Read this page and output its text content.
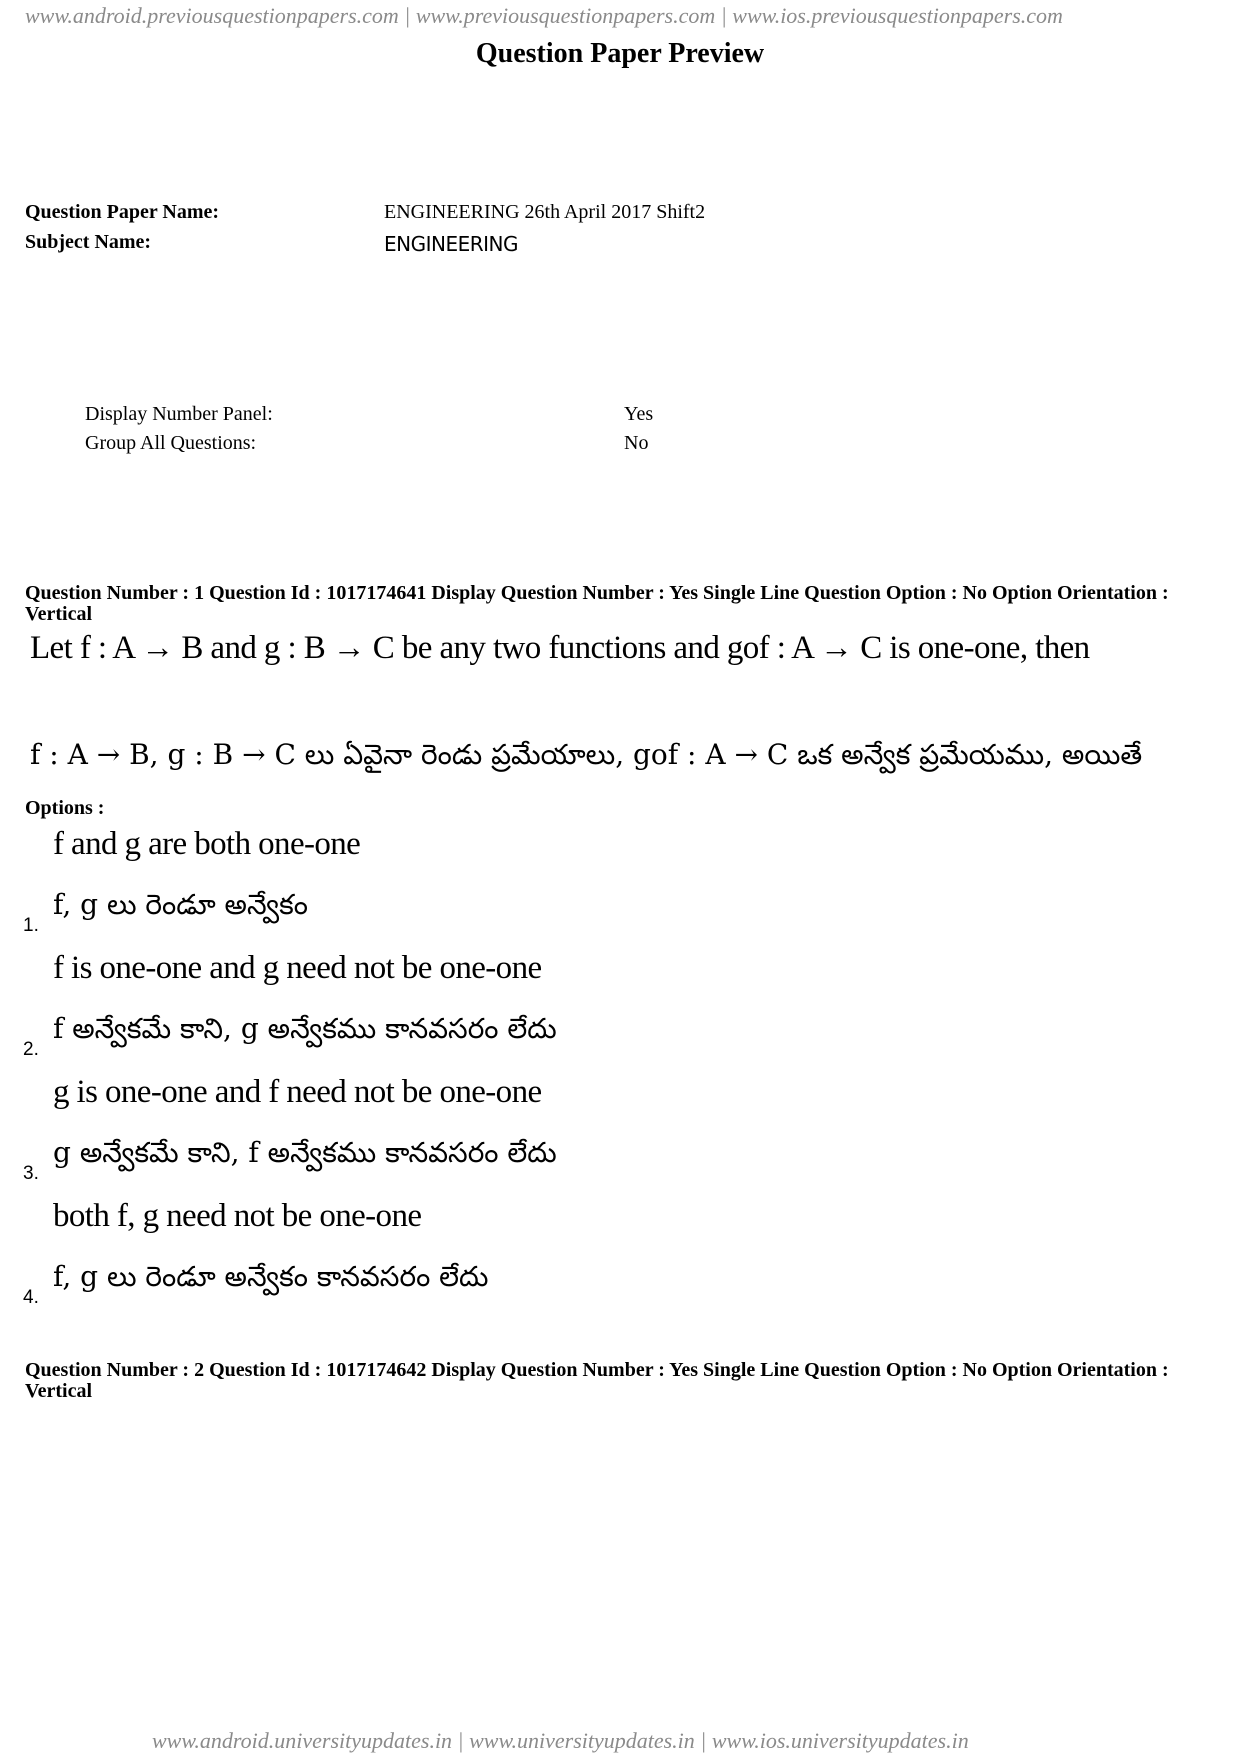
www.android.previousquestionpapers.com | www.previousquestionpapers.com | www.ios.previousquestionpapers.com
Question Paper Preview
Question Paper Name:	ENGINEERING 26th April 2017 Shift2
Subject Name:	ENGINEERING
Display Number Panel:	Yes
Group All Questions:	No
Question Number : 1 Question Id : 1017174641 Display Question Number : Yes Single Line Question Option : No Option Orientation : Vertical
Let f : A → B and g : B → C be any two functions and gof : A → C is one-one, then
f : A → B, g : B → C లు ఏవైనా రెండు ప్రమేయాలు, gof : A → C ఒక అన్వేక ప్రమేయము, అయితే
Options :
f and g are both one-one
f, g లు రెండూ అన్వేకం
1.
f is one-one and g need not be one-one
f అన్వేకమే కాని, g అన్వేకము కానవసరం లేదు
2.
g is one-one and f need not be one-one
g అన్వేకమే కాని, f అన్వేకము కానవసరం లేదు
3.
both f, g need not be one-one
f, g లు రెండూ అన్వేకం కానవసరం లేదు
4.
Question Number : 2 Question Id : 1017174642 Display Question Number : Yes Single Line Question Option : No Option Orientation : Vertical
www.android.universityupdates.in | www.universityupdates.in | www.ios.universityupdates.in
